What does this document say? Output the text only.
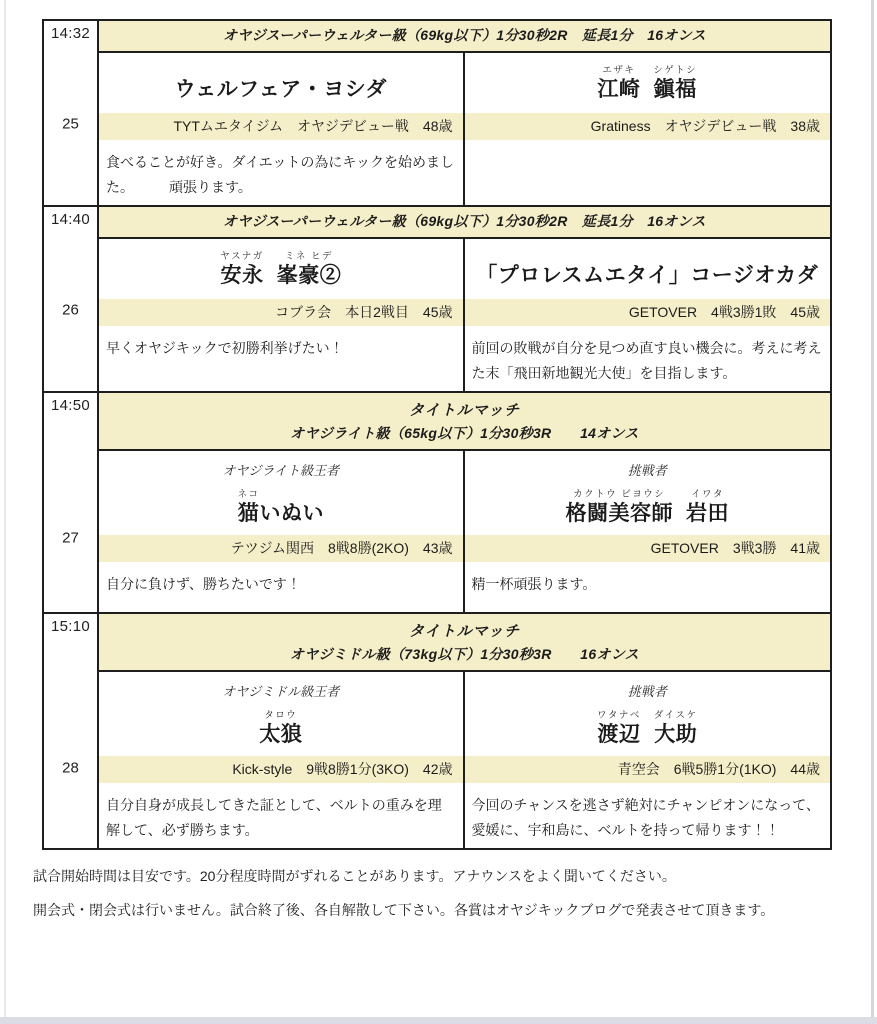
14:32
25
オヤジスーパーウェルター級（69kg以下）1分30秒2R　延長1分　16オンス

ウェルフェア・ヨシダ
TYTムエタイジム　オヤジデビュー戦　48歳
食べることが好き。ダイエットの為にキックを始めました。　　　頑張ります。
エザキ
江崎
シゲトシ
鎭福
Gratiness　オヤジデビュー戦　38歳
14:40
26
オヤジスーパーウェルター級（69kg以下）1分30秒2R　延長1分　16オンス
ヤスナガ
安永
ミネ ヒデ
峯豪②
コブラ会　本日2戦目　45歳
早くオヤジキックで初勝利挙げたい！

「プロレスムエタイ」コージオカダ
GETOVER　4戦3勝1敗　45歳
前回の敗戦が自分を見つめ直す良い機会に。考えに考えた末「飛田新地観光大使」を目指します。
14:50
27
タイトルマッチ
オヤジライト級（65kg以下）1分30秒3R　　14オンス
オヤジライト級王者
ネコ
猫
いぬい
テツジム関西　8戦8勝(2KO)　43歳
自分に負けず、勝ちたいです！
挑戦者
カクトウ ビヨウシ
格闘美容師
イワタ
岩田
GETOVER　3戦3勝　41歳
精一杯頑張ります。
15:10
28
タイトルマッチ
オヤジミドル級（73kg以下）1分30秒3R　　16オンス
オヤジミドル級王者
タロウ
太狼
Kick-style　9戦8勝1分(3KO)　42歳
自分自身が成長してきた証として、ベルトの重みを理解して、必ず勝ちます。
挑戦者
ワタナベ
渡辺
ダイスケ
大助
青空会　6戦5勝1分(1KO)　44歳
今回のチャンスを逃さず絶対にチャンピオンになって、愛媛に、宇和島に、ベルトを持って帰ります！！

試合開始時間は目安です。20分程度時間がずれることがあります。アナウンスをよく聞いてください。

開会式・閉会式は行いません。試合終了後、各自解散して下さい。各賞はオヤジキックブログで発表させて頂きます。
